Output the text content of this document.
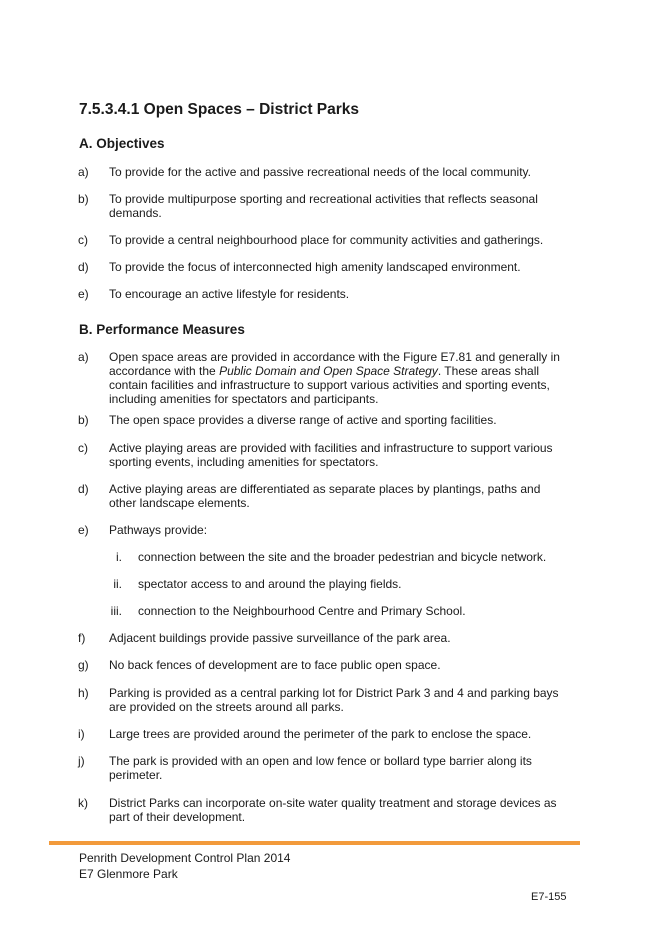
7.5.3.4.1 Open Spaces – District Parks
A. Objectives
a) To provide for the active and passive recreational needs of the local community.
b) To provide multipurpose sporting and recreational activities that reflects seasonal demands.
c) To provide a central neighbourhood place for community activities and gatherings.
d) To provide the focus of interconnected high amenity landscaped environment.
e) To encourage an active lifestyle for residents.
B. Performance Measures
a) Open space areas are provided in accordance with the Figure E7.81 and generally in accordance with the Public Domain and Open Space Strategy. These areas shall contain facilities and infrastructure to support various activities and sporting events, including amenities for spectators and participants.
b) The open space provides a diverse range of active and sporting facilities.
c) Active playing areas are provided with facilities and infrastructure to support various sporting events, including amenities for spectators.
d) Active playing areas are differentiated as separate places by plantings, paths and other landscape elements.
e) Pathways provide:
i. connection between the site and the broader pedestrian and bicycle network.
ii. spectator access to and around the playing fields.
iii. connection to the Neighbourhood Centre and Primary School.
f) Adjacent buildings provide passive surveillance of the park area.
g) No back fences of development are to face public open space.
h) Parking is provided as a central parking lot for District Park 3 and 4 and parking bays are provided on the streets around all parks.
i) Large trees are provided around the perimeter of the park to enclose the space.
j) The park is provided with an open and low fence or bollard type barrier along its perimeter.
k) District Parks can incorporate on-site water quality treatment and storage devices as part of their development.
Penrith Development Control Plan 2014
E7 Glenmore Park
E7-155
